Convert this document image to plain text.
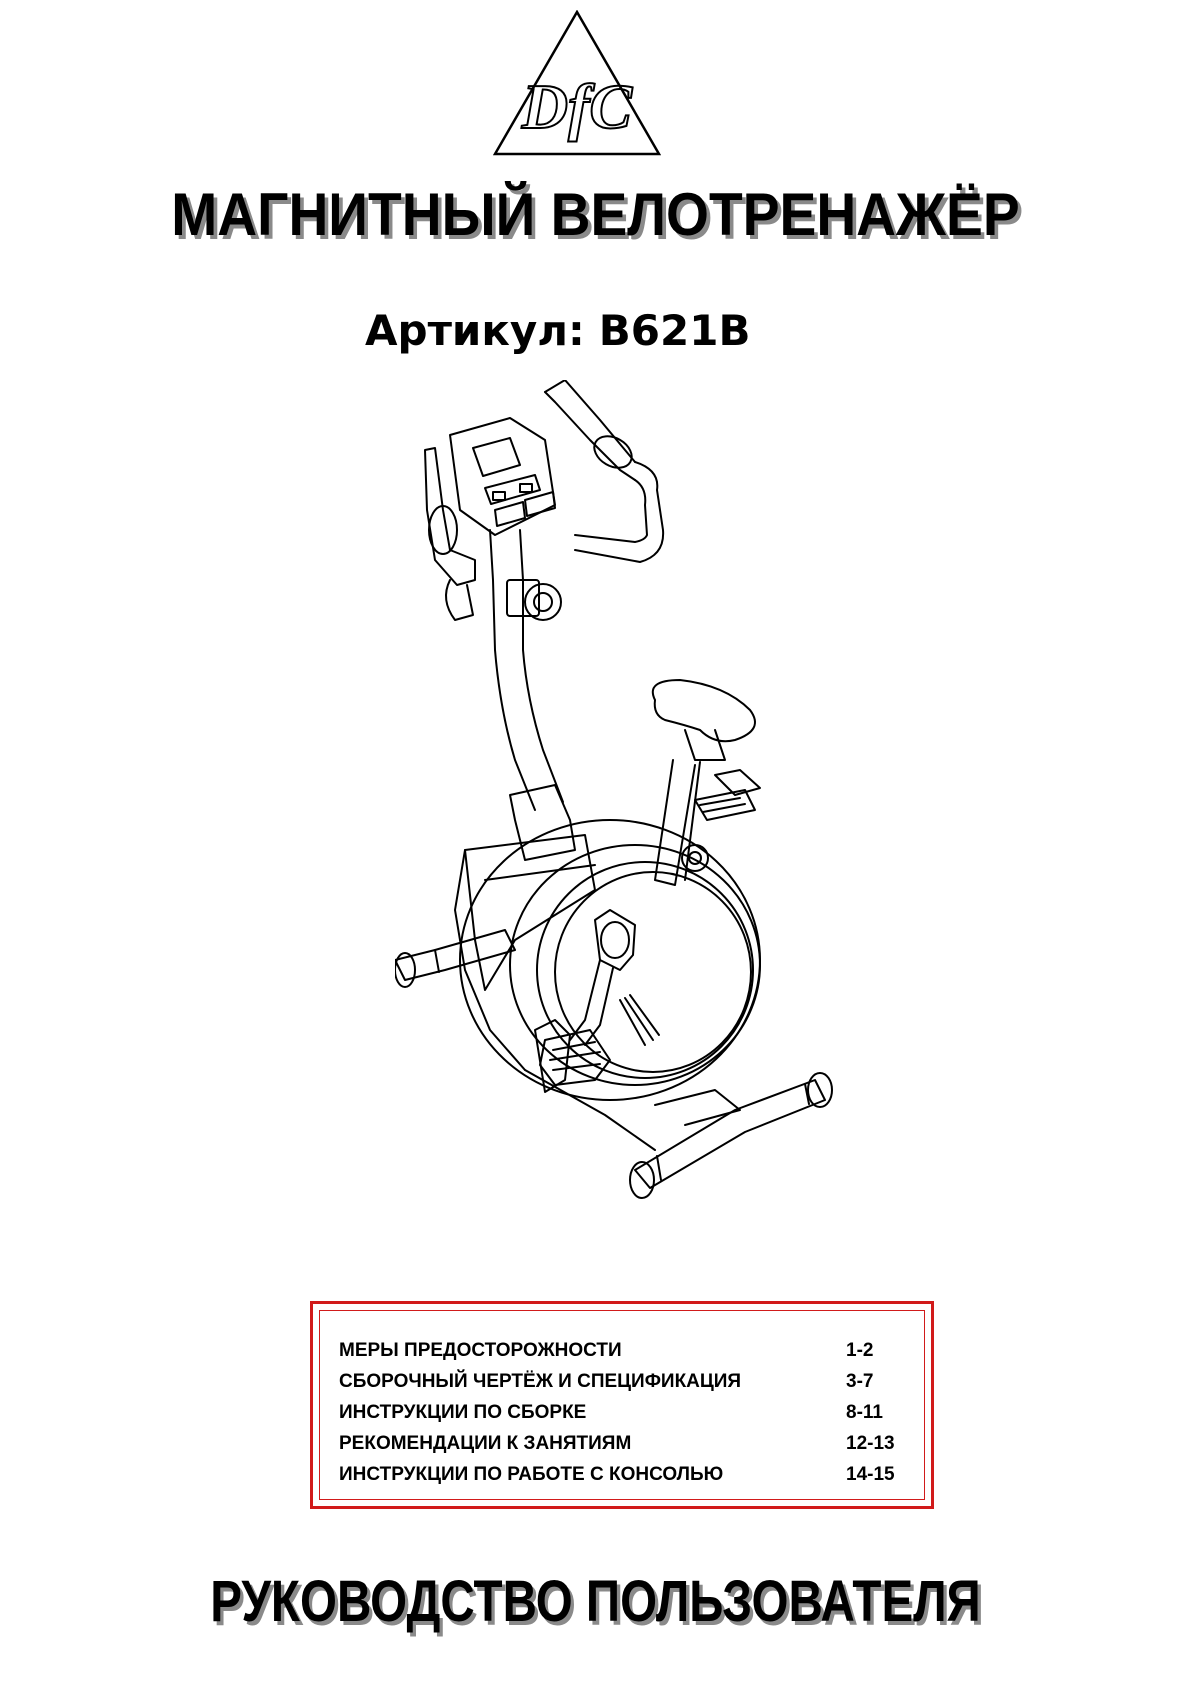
DfC
МАГНИТНЫЙ ВЕЛОТРЕНАЖЁР
Артикул: B621B
МЕРЫ ПРЕДОСТОРОЖНОСТИ	1-2
СБОРОЧНЫЙ ЧЕРТЁЖ И СПЕЦИФИКАЦИЯ	3-7
ИНСТРУКЦИИ ПО СБОРКЕ	8-11
РЕКОМЕНДАЦИИ К ЗАНЯТИЯМ	12-13
ИНСТРУКЦИИ ПО РАБОТЕ С КОНСОЛЬЮ	14-15
РУКОВОДСТВО ПОЛЬЗОВАТЕЛЯ
